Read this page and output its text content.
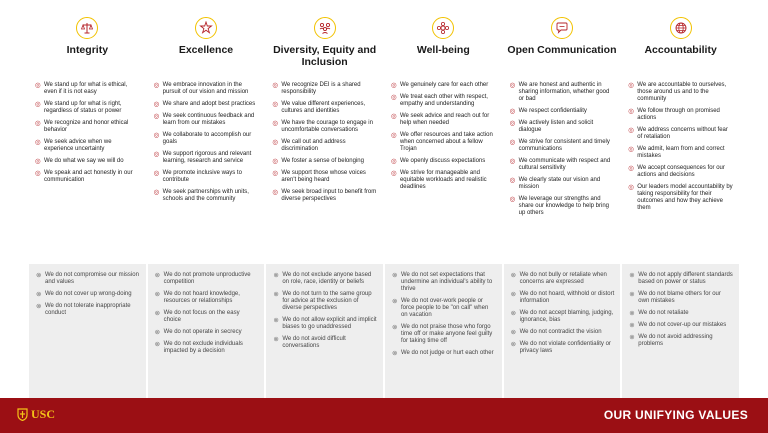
Integrity
◎ We stand up for what is ethical, even if it is not easy
◎ We stand up for what is right, regardless of status or power
◎ We recognize and honor ethical behavior
◎ We seek advice when we experience uncertainty
◎ We do what we say we will do
◎ We speak and act honestly in our communication
⊗ We do not compromise our mission and values
⊗ We do not cover up wrong-doing
⊗ We do not tolerate inappropriate conduct
Excellence
◎ We embrace innovation in the pursuit of our vision and mission
◎ We share and adopt best practices
◎ We seek continuous feedback and learn from our mistakes
◎ We collaborate to accomplish our goals
◎ We support rigorous and relevant learning, research and service
◎ We promote inclusive ways to contribute
◎ We seek partnerships with units, schools and the community
⊗ We do not promote unproductive competition
⊗ We do not hoard knowledge, resources or relationships
⊗ We do not focus on the easy choice
⊗ We do not operate in secrecy
⊗ We do not exclude individuals impacted by a decision
Diversity, Equity and Inclusion
◎ We recognize DEI is a shared responsibility
◎ We value different experiences, cultures and identities
◎ We have the courage to engage in uncomfortable conversations
◎ We call out and address discrimination
◎ We foster a sense of belonging
◎ We support those whose voices aren't being heard
◎ We seek broad input to benefit from diverse perspectives
⊗ We do not exclude anyone based on role, race, identity or beliefs
⊗ We do not turn to the same group for advice at the exclusion of diverse perspectives
⊗ We do not allow explicit and implicit biases to go unaddressed
⊗ We do not avoid difficult conversations
Well-being
◎ We genuinely care for each other
◎ We treat each other with respect, empathy and understanding
◎ We seek advice and reach out for help when needed
◎ We offer resources and take action when concerned about a fellow Trojan
◎ We openly discuss expectations
◎ We strive for manageable and equitable workloads and realistic deadlines
⊗ We do not set expectations that undermine an individual's ability to thrive
⊗ We do not over-work people or force people to be "on call" when on vacation
⊗ We do not praise those who forgo time off or make anyone feel guilty for taking time off
⊗ We do not judge or hurt each other
Open Communication
◎ We are honest and authentic in sharing information, whether good or bad
◎ We respect confidentiality
◎ We actively listen and solicit dialogue
◎ We strive for consistent and timely communications
◎ We communicate with respect and cultural sensitivity
◎ We clearly state our vision and mission
◎ We leverage our strengths and share our knowledge to help bring up others
⊗ We do not bully or retaliate when concerns are expressed
⊗ We do not hoard, withhold or distort information
⊗ We do not accept blaming, judging, ignorance, bias
⊗ We do not contradict the vision
⊗ We do not violate confidentiality or privacy laws
Accountability
◎ We are accountable to ourselves, those around us and to the community
◎ We follow through on promised actions
◎ We address concerns without fear of retaliation
◎ We admit, learn from and correct mistakes
◎ We accept consequences for our actions and decisions
◎ Our leaders model accountability by taking responsibility for their outcomes and how they achieve them
⊗ We do not apply different standards based on power or status
⊗ We do not blame others for our own mistakes
⊗ We do not retaliate
⊗ We do not cover-up our mistakes
⊗ We do not avoid addressing problems
USC	OUR UNIFYING VALUES
